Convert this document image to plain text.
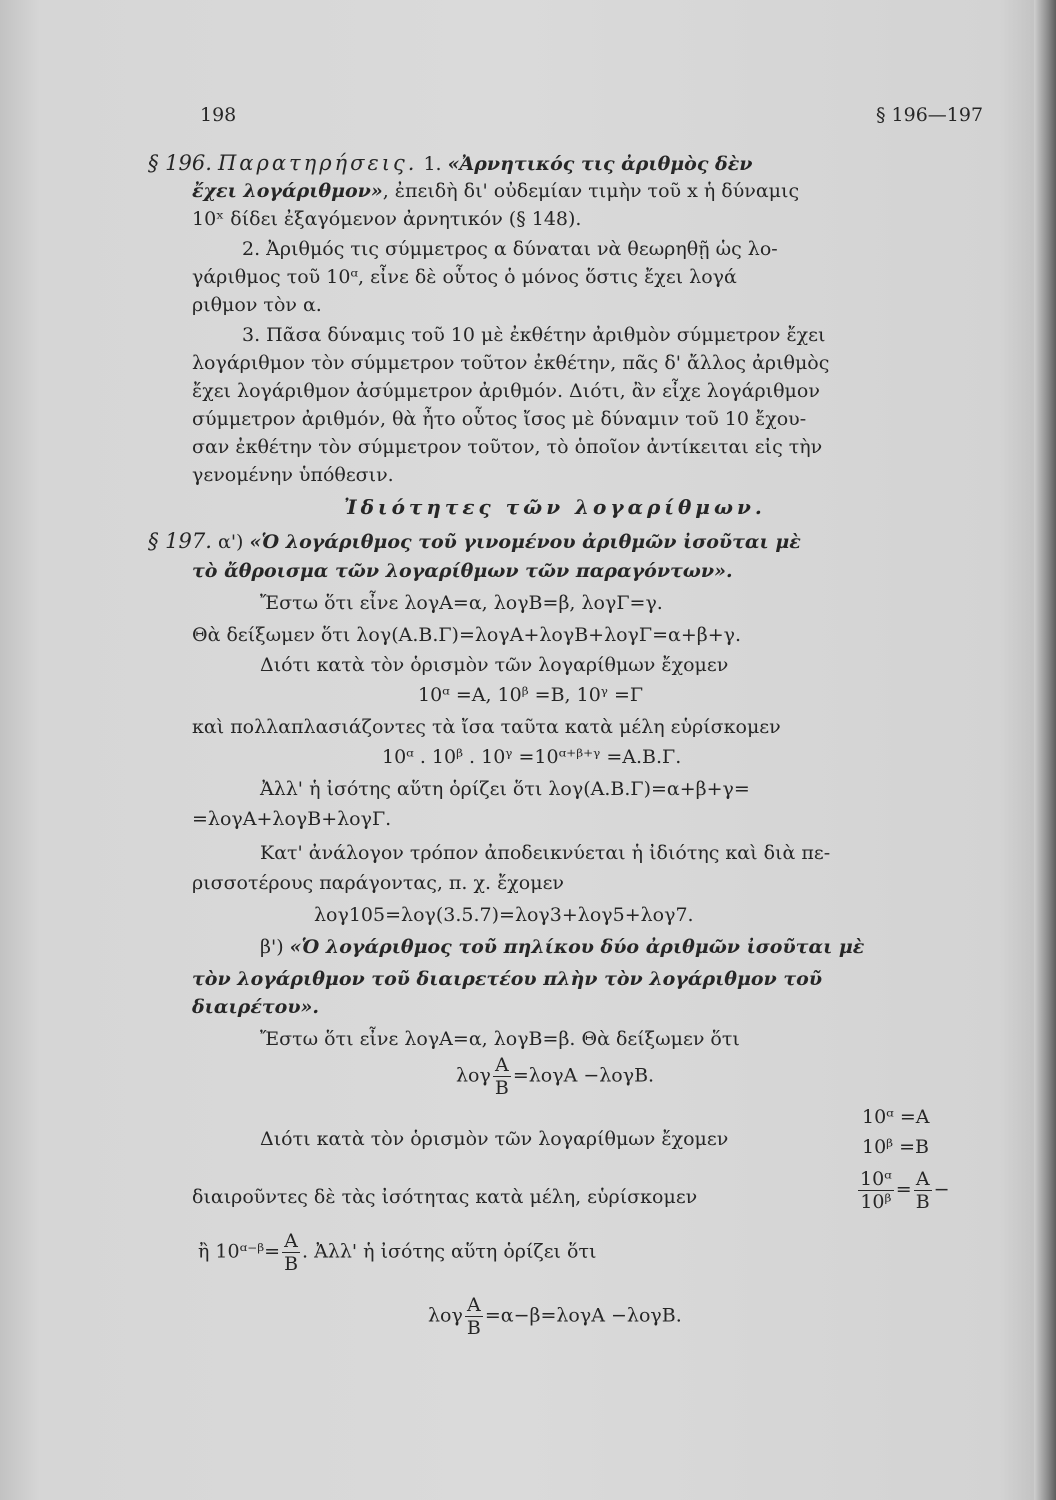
198	§ 196—197
§ 196. Παρατηρήσεις. 1. «Ἀρνητικός τις ἀριθμὸς δὲν
ἔχει λογάριθμον», ἐπειδὴ δι' οὐδεμίαν τιμὴν τοῦ x ἡ δύναμις
10ˣ δίδει ἐξαγόμενον ἀρνητικόν (§ 148).
2. Ἀριθμός τις σύμμετρος α δύναται νὰ θεωρηθῇ ὡς λο-
γάριθμος τοῦ 10ᵅ, εἶνε δὲ οὗτος ὁ μόνος ὅστις ἔχει λογά
ριθμον τὸν α.
3. Πᾶσα δύναμις τοῦ 10 μὲ ἐκθέτην ἀριθμὸν σύμμετρον ἔχει
λογάριθμον τὸν σύμμετρον τοῦτον ἐκθέτην, πᾶς δ' ἄλλος ἀριθμὸς
ἔχει λογάριθμον ἀσύμμετρον ἀριθμόν. Διότι, ἂν εἶχε λογάριθμον
σύμμετρον ἀριθμόν, θὰ ἦτο οὗτος ἴσος μὲ δύναμιν τοῦ 10 ἔχου-
σαν ἐκθέτην τὸν σύμμετρον τοῦτον, τὸ ὁποῖον ἀντίκειται εἰς τὴν
γενομένην ὑπόθεσιν.
Ἰδιότητες τῶν λογαρίθμων.
§ 197. α') «Ὁ λογάριθμος τοῦ γινομένου ἀριθμῶν ἰσοῦται μὲ
τὸ ἄθροισμα τῶν λογαρίθμων τῶν παραγόντων».
Ἔστω ὅτι εἶνε λογΑ=α, λογΒ=β, λογΓ=γ.
Θὰ δείξωμεν ὅτι λογ(Α.Β.Γ)=λογΑ+λογΒ+λογΓ=α+β+γ.
Διότι κατὰ τὸν ὁρισμὸν τῶν λογαρίθμων ἔχομεν
10ᵅ =Α, 10ᵝ =Β, 10ᵞ =Γ
καὶ πολλαπλασιάζοντες τὰ ἴσα ταῦτα κατὰ μέλη εὑρίσκομεν
10ᵅ . 10ᵝ . 10ᵞ =10ᵅ⁺ᵝ⁺ᵞ =Α.Β.Γ.
Ἀλλ' ἡ ἰσότης αὕτη ὁρίζει ὅτι λογ(Α.Β.Γ)=α+β+γ=
=λογΑ+λογΒ+λογΓ.
Κατ' ἀνάλογον τρόπον ἀποδεικνύεται ἡ ἰδιότης καὶ διὰ πε-
ρισσοτέρους παράγοντας, π. χ. ἔχομεν
λογ105=λογ(3.5.7)=λογ3+λογ5+λογ7.
β') «Ὁ λογάριθμος τοῦ πηλίκου δύο ἀριθμῶν ἰσοῦται μὲ
τὸν λογάριθμον τοῦ διαιρετέου πλὴν τὸν λογάριθμον τοῦ
διαιρέτου».
Ἔστω ὅτι εἶνε λογΑ=α, λογΒ=β. Θὰ δείξωμεν ὅτι
λογ $\frac{A}{B} =\lambda o\gamma A -\lambda o\gamma B$.
10ᵅ =Α
Διότι κατὰ τὸν ὁρισμὸν τῶν λογαρίθμων ἔχομεν	10ᵝ =Β
διαιροῦντες δὲ τὰς ἰσότητας κατὰ μέλη, εὑρίσκομεν	$\frac{\text{10ᵅ}}{\text{10ᵝ}} = \frac{A}{B}$ −
ἢ 10ᵅ⁻ᵝ= $\frac{A}{B}$ . Ἀλλ' ἡ ἰσότης αὕτη ὁρίζει ὅτι
λογ $\frac{A}{B} =\alpha-\beta=\lambda o\gamma A -\lambda o\gamma B$.
